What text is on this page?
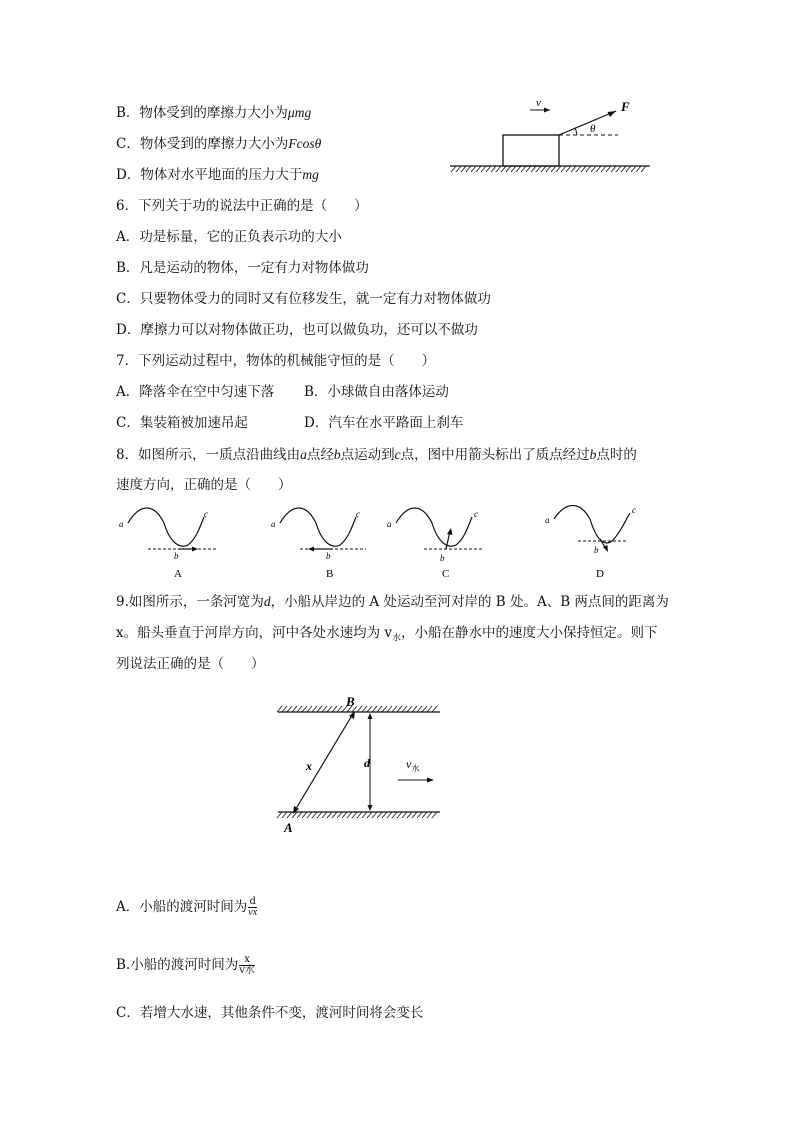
B．物体受到的摩擦力大小为μmg
C．物体受到的摩擦力大小为Fcosθ
D．物体对水平地面的压力大于mg
v	F
θ
6．下列关于功的说法中正确的是（　　）
A．功是标量，它的正负表示功的大小
B．凡是运动的物体，一定有力对物体做功
C．只要物体受力的同时又有位移发生，就一定有力对物体做功
D．摩擦力可以对物体做正功，也可以做负功，还可以不做功
7．下列运动过程中，物体的机械能守恒的是（　　）
A．降落伞在空中匀速下落 B．小球做自由落体运动
C．集装箱被加速吊起	D．汽车在水平路面上刹车
8．如图所示，一质点沿曲线由a点经b点运动到c点，图中用箭头标出了质点经过b点时的
速度方向，正确的是（　　）
a
c
b
A
a
c
b
B
a
c
b
C
a
c
b
D
9.如图所示，一条河宽为d，小船从岸边的 A 处运动至河对岸的 B 处。A、B 两点间的距离为
x。船头垂直于河岸方向，河中各处水速均为 $v_水$，小船在静水中的速度大小保持恒定。则下
列说法正确的是（　　）
B
A
x	d	$v_水$
A．小船的渡河时间为 $\frac{d}{vx}$
B.小船的渡河时间为 $\frac{x}{\text{v水}}$
C．若增大水速，其他条件不变，渡河时间将会变长
